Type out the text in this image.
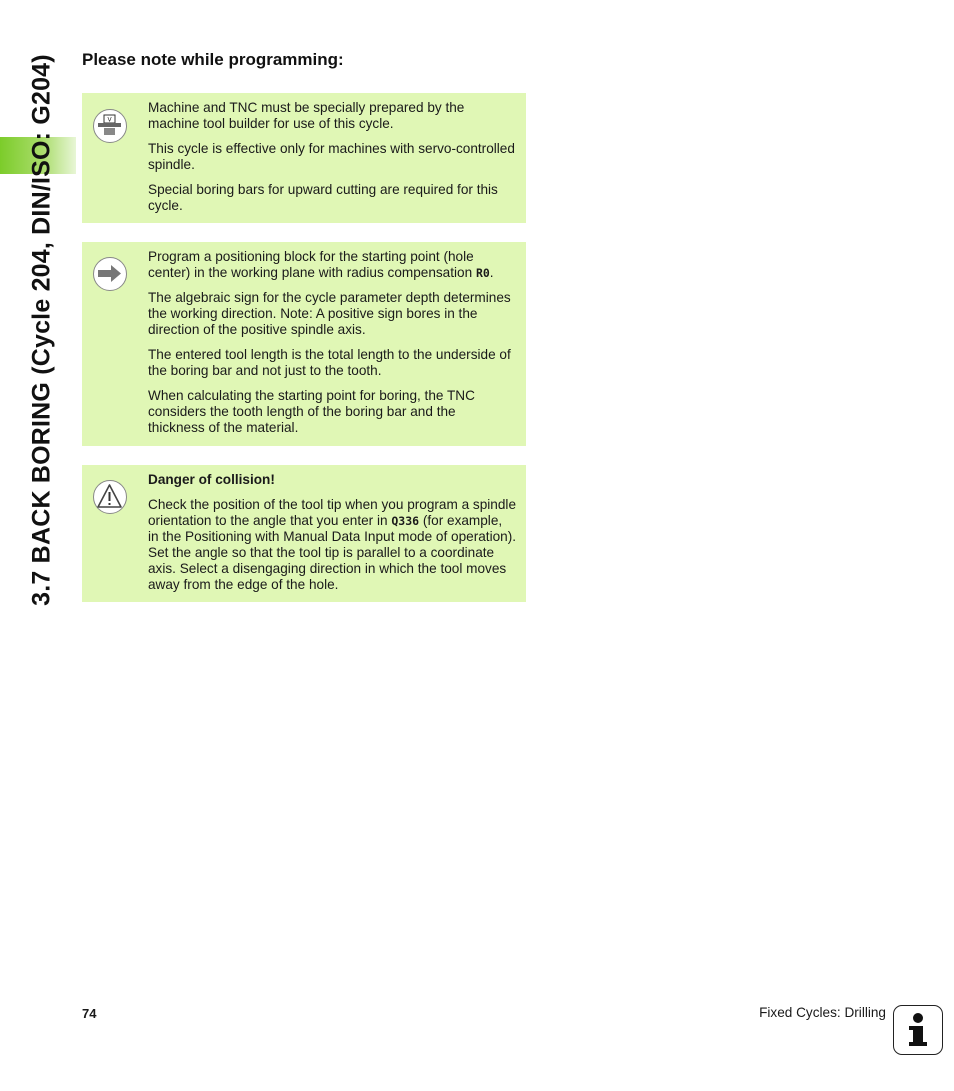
3.7 BACK BORING (Cycle 204, DIN/ISO: G204) Please note while programming:
V

Machine and TNC must be specially prepared by the machine tool builder for use of this cycle.

This cycle is effective only for machines with servo-controlled spindle.

Special boring bars for upward cutting are required for this cycle.

Program a positioning block for the starting point (hole center) in the working plane with radius compensation R0.

The algebraic sign for the cycle parameter depth determines the working direction. Note: A positive sign bores in the direction of the positive spindle axis.

The entered tool length is the total length to the underside of the boring bar and not just to the tooth.

When calculating the starting point for boring, the TNC considers the tooth length of the boring bar and the thickness of the material.

Danger of collision!

Check the position of the tool tip when you program a spindle orientation to the angle that you enter in Q336 (for example, in the Positioning with Manual Data Input mode of operation). Set the angle so that the tool tip is parallel to a coordinate axis. Select a disengaging direction in which the tool moves away from the edge of the hole.

74	Fixed Cycles: Drilling
